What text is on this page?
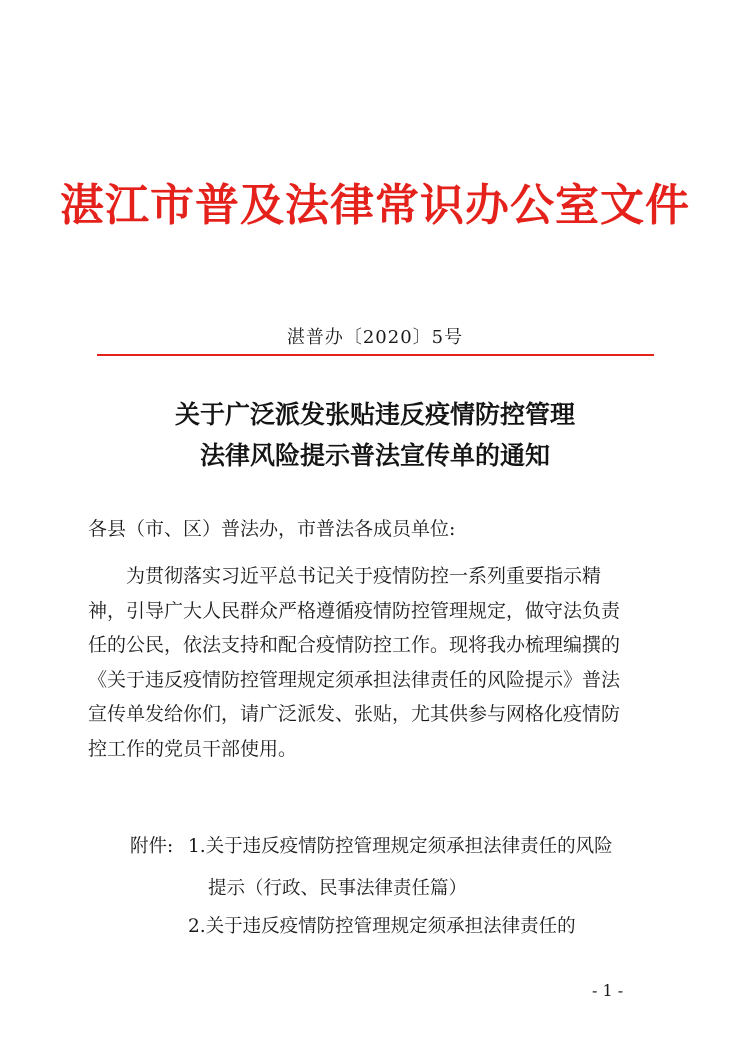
湛江市普及法律常识办公室文件
湛普办〔2020〕5号
关于广泛派发张贴违反疫情防控管理
法律风险提示普法宣传单的通知
各县（市、区）普法办，市普法各成员单位:
为贯彻落实习近平总书记关于疫情防控一系列重要指示精
神，引导广大人民群众严格遵循疫情防控管理规定，做守法负责
任的公民，依法支持和配合疫情防控工作。现将我办梳理编撰的
《关于违反疫情防控管理规定须承担法律责任的风险提示》普法
宣传单发给你们，请广泛派发、张贴，尤其供参与网格化疫情防
控工作的党员干部使用。
附件: 1.关于违反疫情防控管理规定须承担法律责任的风险
提示（行政、民事法律责任篇）
2.关于违反疫情防控管理规定须承担法律责任的
- 1 -
